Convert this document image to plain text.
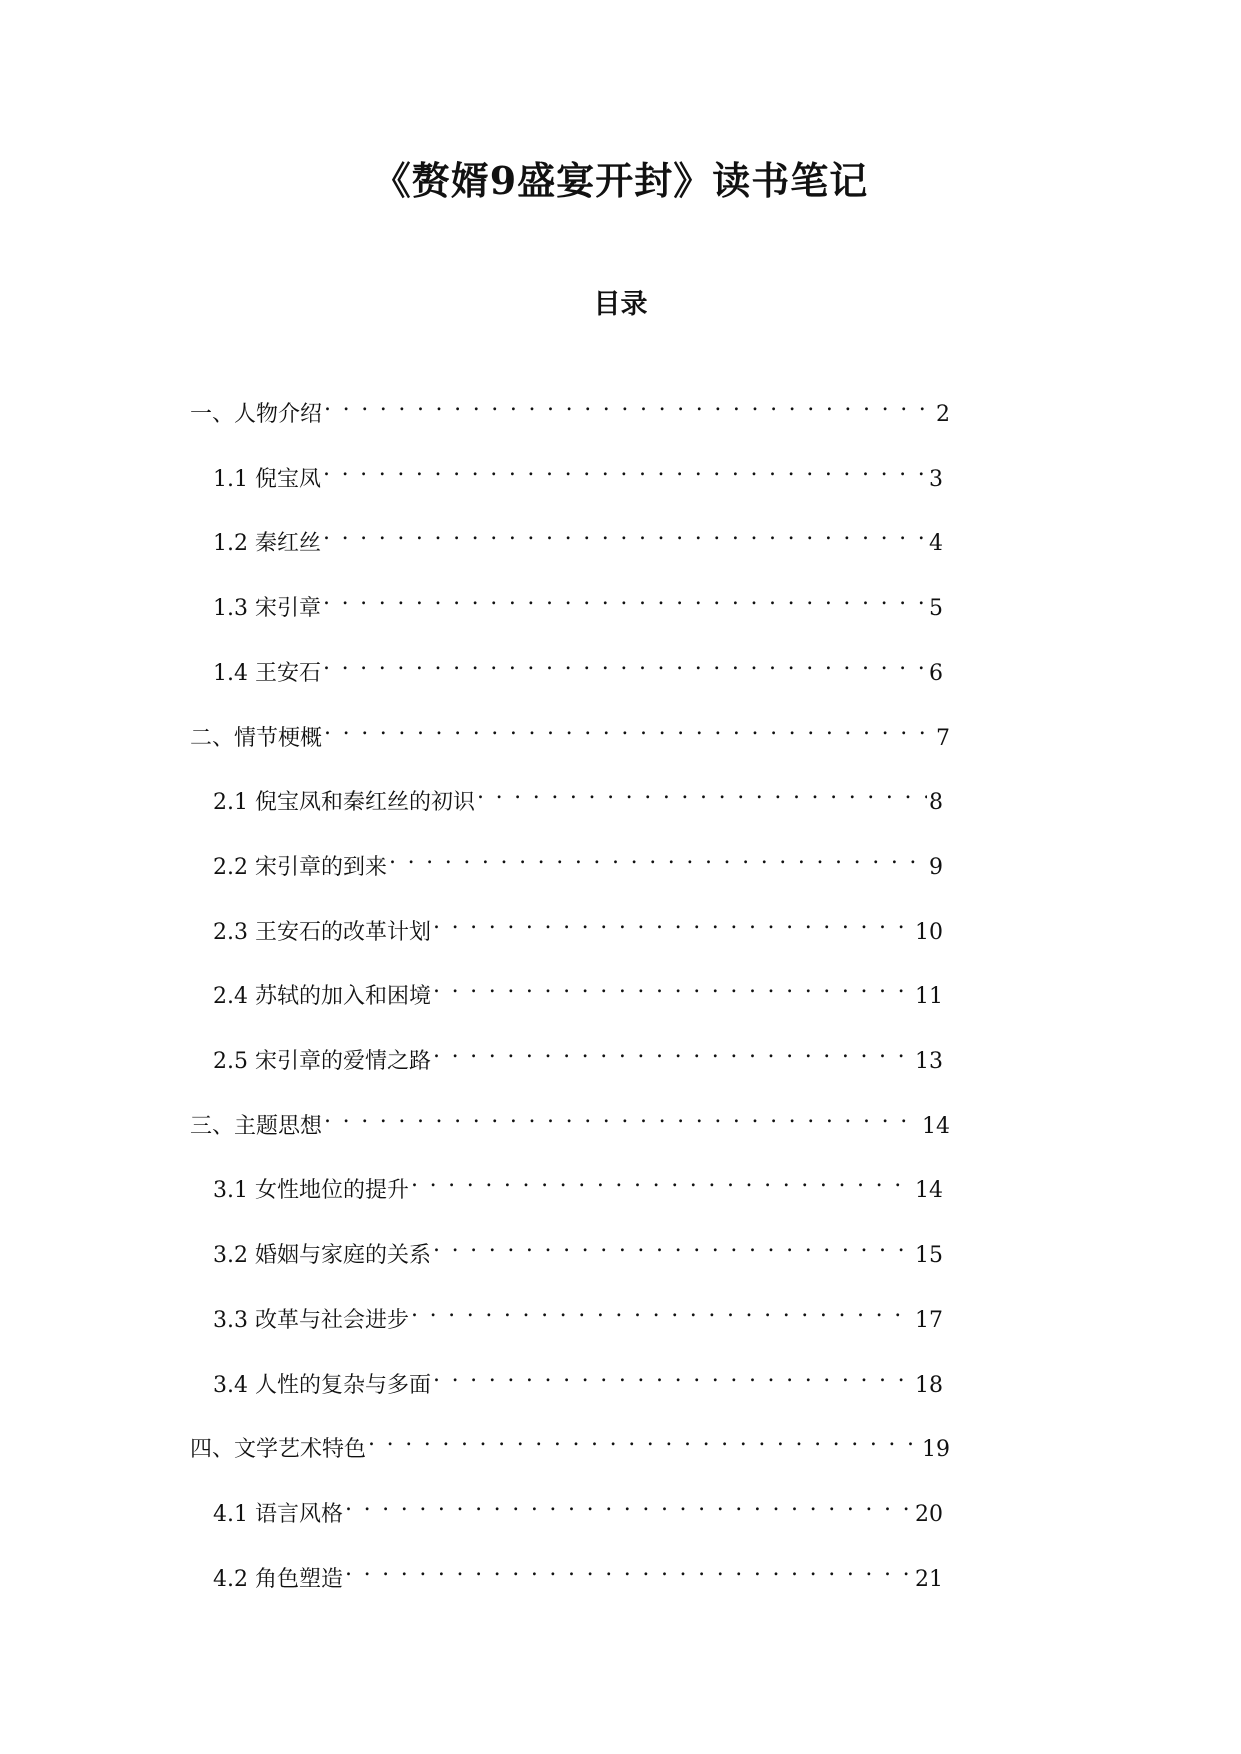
《赘婿9盛宴开封》读书笔记
目录
一、人物介绍 . . .	2
1.1 倪宝凤 . . .	3
1.2 秦红丝 . . .	4
1.3 宋引章 . . .	5
1.4 王安石 . . .	6
二、情节梗概 . . .	7
2.1 倪宝凤和秦红丝的初识 . . .	8
2.2 宋引章的到来 . . .	9
2.3 王安石的改革计划 . . .	10
2.4 苏轼的加入和困境 . . .	11
2.5 宋引章的爱情之路 . . .	13
三、主题思想 . . .	14
3.1 女性地位的提升 . . .	14
3.2 婚姻与家庭的关系 . . .	15
3.3 改革与社会进步 . . .	17
3.4 人性的复杂与多面 . . .	18
四、文学艺术特色 . . .	19
4.1 语言风格 . . .	20
4.2 角色塑造 . . .	21
